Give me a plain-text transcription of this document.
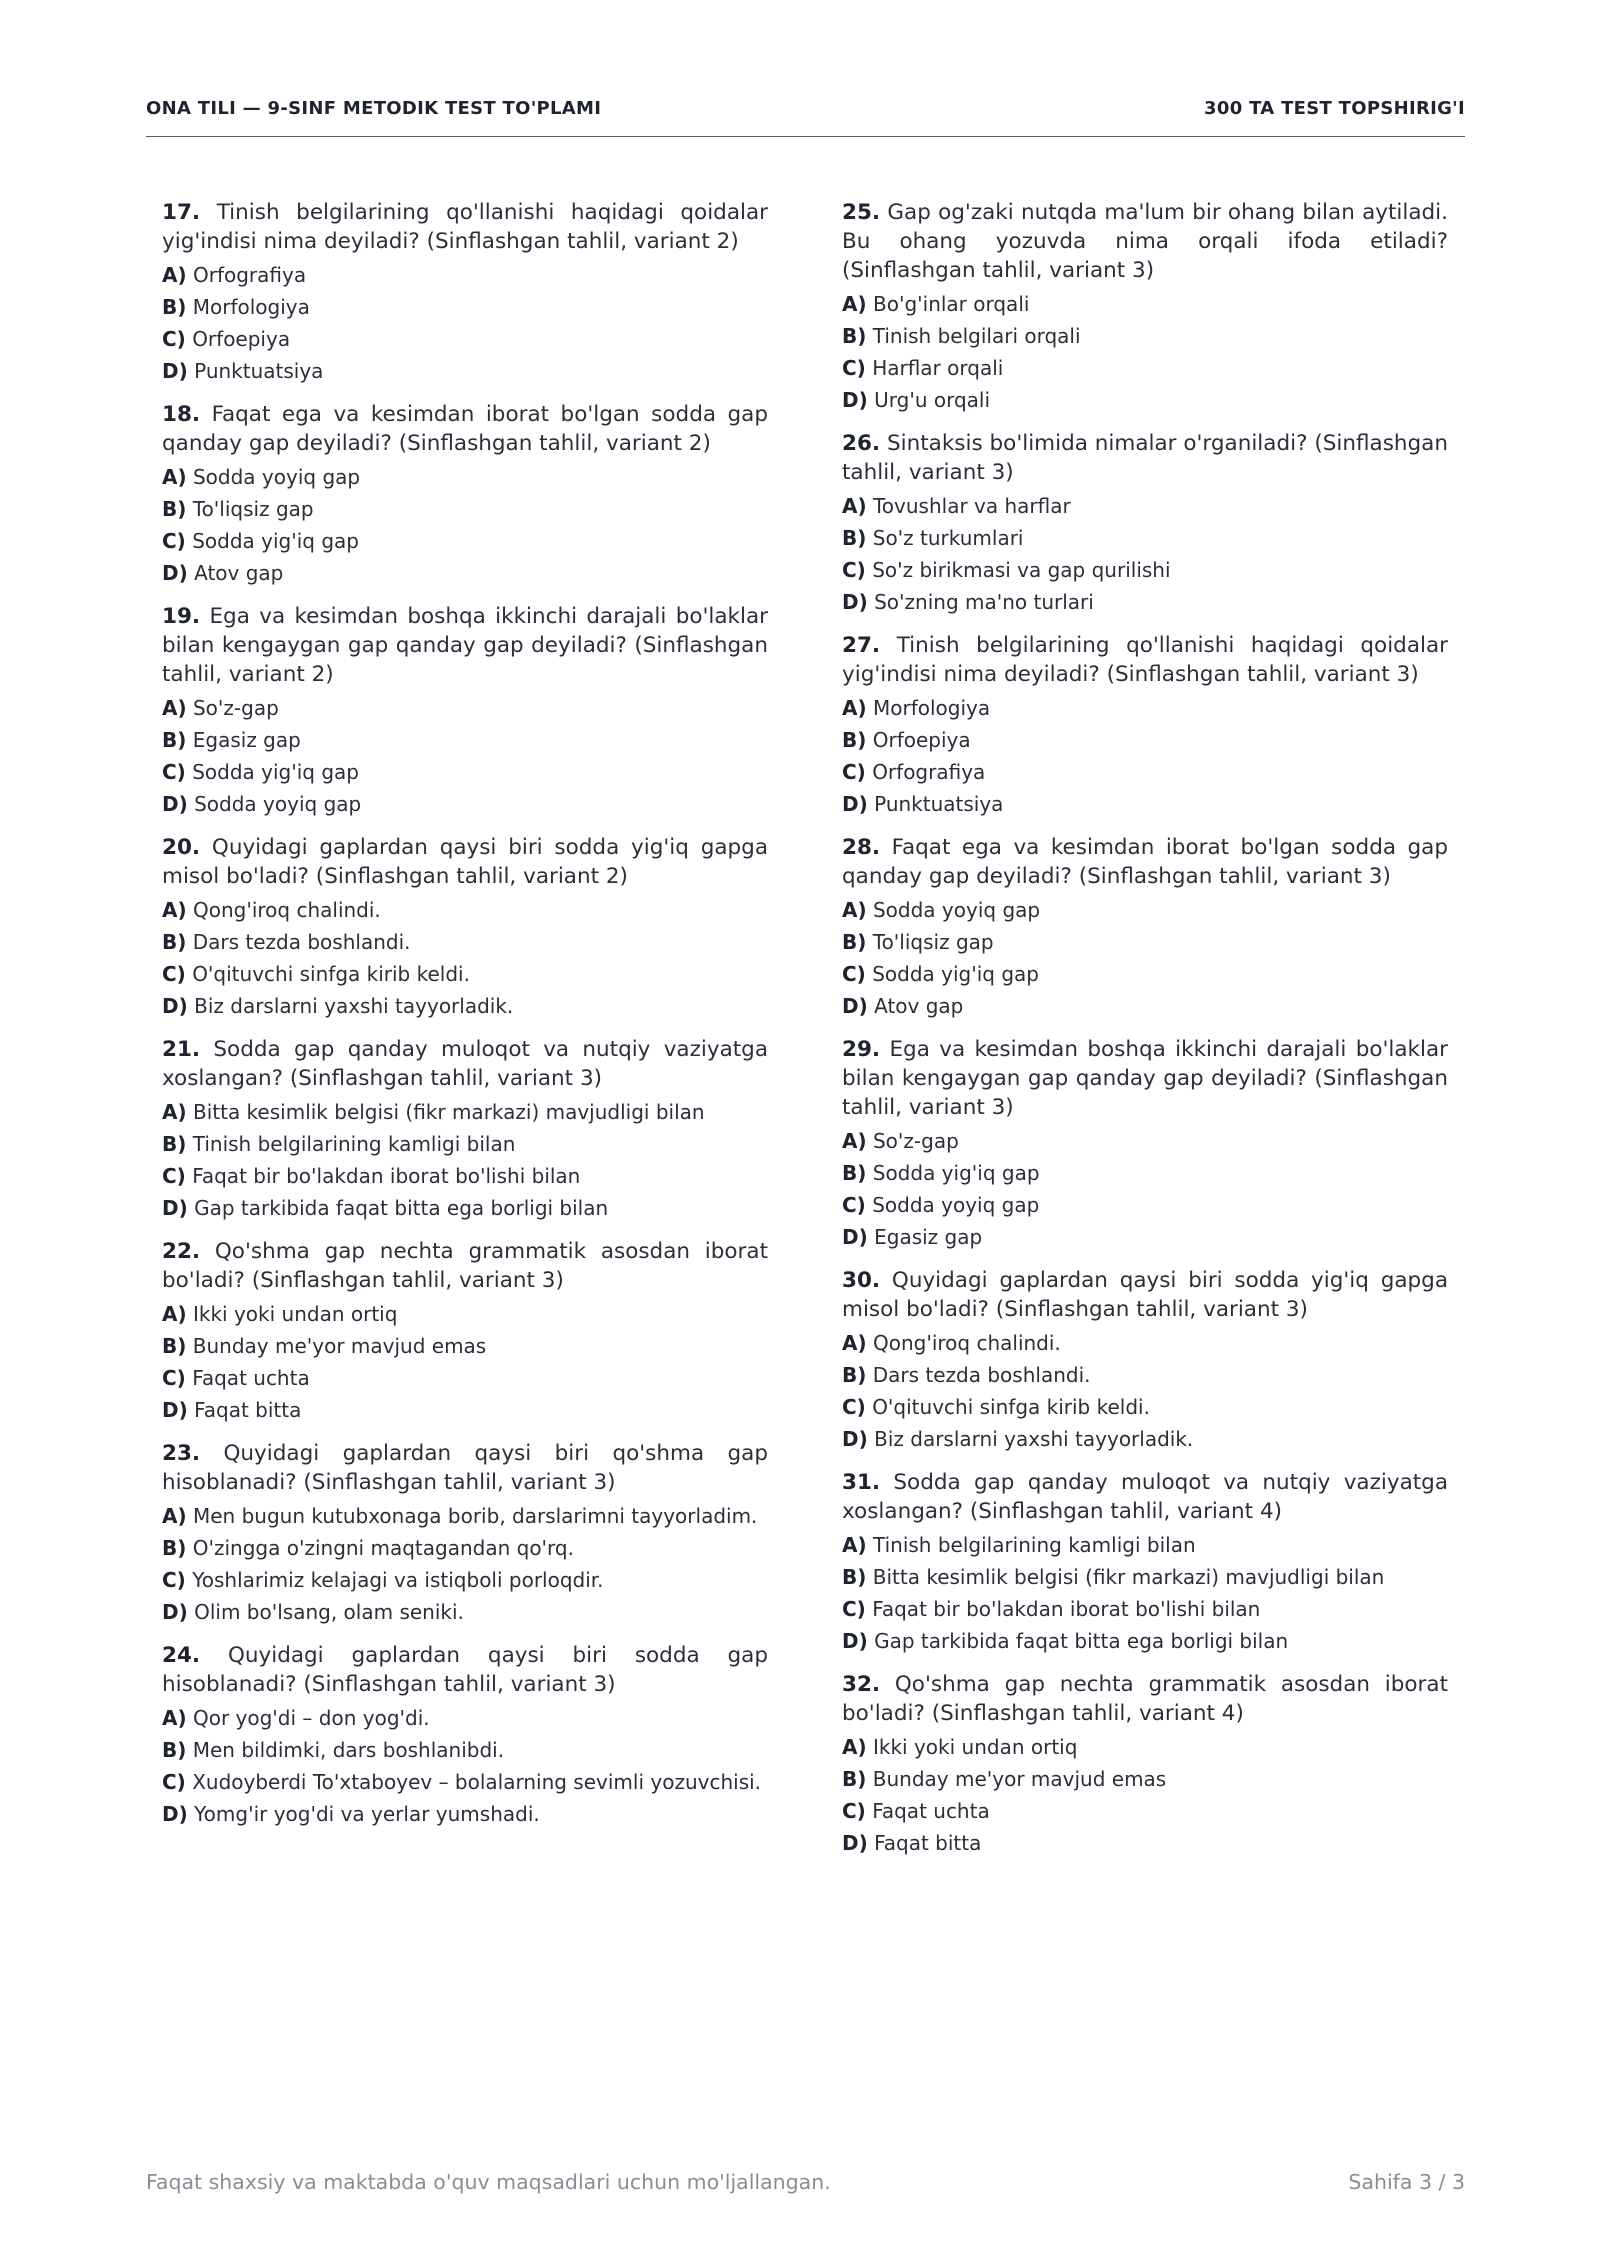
ONA TILI — 9-SINF METODIK TEST TO'PLAMI	300 TA TEST TOPSHIRIG'I

17. Tinish belgilarining qo'llanishi haqidagi qoidalar yig'indisi nima deyiladi? (Sinflashgan tahlil, variant 2)

A) Orfografiya

B) Morfologiya

C) Orfoepiya

D) Punktuatsiya

18. Faqat ega va kesimdan iborat bo'lgan sodda gap qanday gap deyiladi? (Sinflashgan tahlil, variant 2)

A) Sodda yoyiq gap

B) To'liqsiz gap

C) Sodda yig'iq gap

D) Atov gap

19. Ega va kesimdan boshqa ikkinchi darajali bo'laklar bilan kengaygan gap qanday gap deyiladi? (Sinflashgan tahlil, variant 2)

A) So'z-gap

B) Egasiz gap

C) Sodda yig'iq gap

D) Sodda yoyiq gap

20. Quyidagi gaplardan qaysi biri sodda yig'iq gapga misol bo'ladi? (Sinflashgan tahlil, variant 2)

A) Qong'iroq chalindi.

B) Dars tezda boshlandi.

C) O'qituvchi sinfga kirib keldi.

D) Biz darslarni yaxshi tayyorladik.

21. Sodda gap qanday muloqot va nutqiy vaziyatga xoslangan? (Sinflashgan tahlil, variant 3)

A) Bitta kesimlik belgisi (fikr markazi) mavjudligi bilan

B) Tinish belgilarining kamligi bilan

C) Faqat bir bo'lakdan iborat bo'lishi bilan

D) Gap tarkibida faqat bitta ega borligi bilan

22. Qo'shma gap nechta grammatik asosdan iborat bo'ladi? (Sinflashgan tahlil, variant 3)

A) Ikki yoki undan ortiq

B) Bunday me'yor mavjud emas

C) Faqat uchta

D) Faqat bitta

23. Quyidagi gaplardan qaysi biri qo'shma gap hisoblanadi? (Sinflashgan tahlil, variant 3)

A) Men bugun kutubxonaga borib, darslarimni tayyorladim.

B) O'zingga o'zingni maqtagandan qo'rq.

C) Yoshlarimiz kelajagi va istiqboli porloqdir.

D) Olim bo'lsang, olam seniki.

24. Quyidagi gaplardan qaysi biri sodda gap hisoblanadi? (Sinflashgan tahlil, variant 3)

A) Qor yog'di – don yog'di.

B) Men bildimki, dars boshlanibdi.

C) Xudoyberdi To'xtaboyev – bolalarning sevimli yozuvchisi.

D) Yomg'ir yog'di va yerlar yumshadi.

25. Gap og'zaki nutqda ma'lum bir ohang bilan aytiladi. Bu ohang yozuvda nima orqali ifoda etiladi? (Sinflashgan tahlil, variant 3)

A) Bo'g'inlar orqali

B) Tinish belgilari orqali

C) Harflar orqali

D) Urg'u orqali

26. Sintaksis bo'limida nimalar o'rganiladi? (Sinflashgan tahlil, variant 3)

A) Tovushlar va harflar

B) So'z turkumlari

C) So'z birikmasi va gap qurilishi

D) So'zning ma'no turlari

27. Tinish belgilarining qo'llanishi haqidagi qoidalar yig'indisi nima deyiladi? (Sinflashgan tahlil, variant 3)

A) Morfologiya

B) Orfoepiya

C) Orfografiya

D) Punktuatsiya

28. Faqat ega va kesimdan iborat bo'lgan sodda gap qanday gap deyiladi? (Sinflashgan tahlil, variant 3)

A) Sodda yoyiq gap

B) To'liqsiz gap

C) Sodda yig'iq gap

D) Atov gap

29. Ega va kesimdan boshqa ikkinchi darajali bo'laklar bilan kengaygan gap qanday gap deyiladi? (Sinflashgan tahlil, variant 3)

A) So'z-gap

B) Sodda yig'iq gap

C) Sodda yoyiq gap

D) Egasiz gap

30. Quyidagi gaplardan qaysi biri sodda yig'iq gapga misol bo'ladi? (Sinflashgan tahlil, variant 3)

A) Qong'iroq chalindi.

B) Dars tezda boshlandi.

C) O'qituvchi sinfga kirib keldi.

D) Biz darslarni yaxshi tayyorladik.

31. Sodda gap qanday muloqot va nutqiy vaziyatga xoslangan? (Sinflashgan tahlil, variant 4)

A) Tinish belgilarining kamligi bilan

B) Bitta kesimlik belgisi (fikr markazi) mavjudligi bilan

C) Faqat bir bo'lakdan iborat bo'lishi bilan

D) Gap tarkibida faqat bitta ega borligi bilan

32. Qo'shma gap nechta grammatik asosdan iborat bo'ladi? (Sinflashgan tahlil, variant 4)

A) Ikki yoki undan ortiq

B) Bunday me'yor mavjud emas

C) Faqat uchta

D) Faqat bitta

Faqat shaxsiy va maktabda o'quv maqsadlari uchun mo'ljallangan.	Sahifa 3 / 3
